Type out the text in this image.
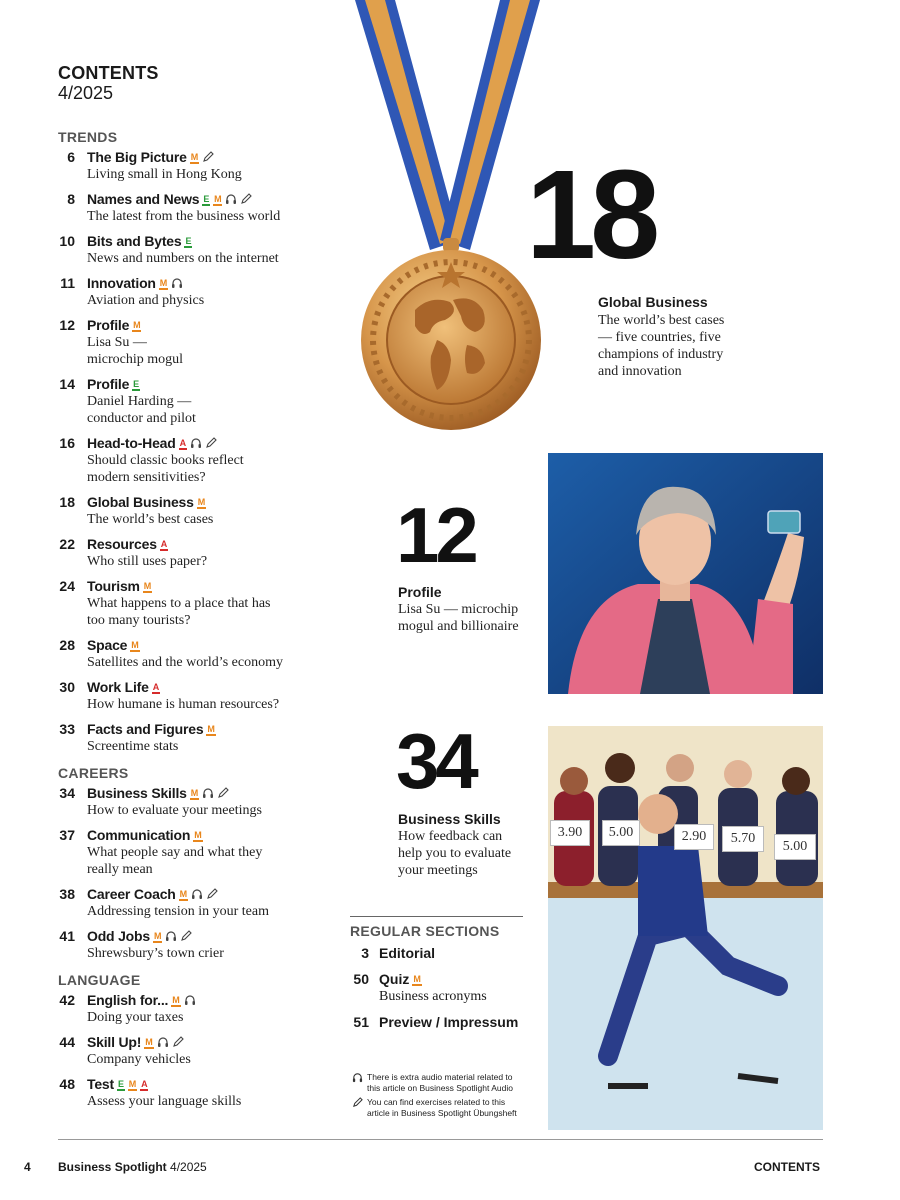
CONTENTS
4/2025
TRENDS
6 The Big Picture M
Living small in Hong Kong
8 Names and News E M
The latest from the business world
10 Bits and Bytes E
News and numbers on the internet
11 Innovation M
Aviation and physics
12 Profile M
Lisa Su —
microchip mogul
14 Profile E
Daniel Harding —
conductor and pilot
16 Head-to-Head A
Should classic books reflect
modern sensitivities?
18 Global Business M
The world’s best cases
22 Resources A
Who still uses paper?
24 Tourism M
What happens to a place that has
too many tourists?
28 Space M
Satellites and the world’s economy
30 Work Life A
How humane is human resources?
33 Facts and Figures M
Screentime stats
CAREERS
34 Business Skills M
How to evaluate your meetings
37 Communication M
What people say and what they
really mean
38 Career Coach M
Addressing tension in your team
41 Odd Jobs M
Shrewsbury’s town crier
LANGUAGE
42 English for... M
Doing your taxes
44 Skill Up! M
Company vehicles
48 Test E M A
Assess your language skills
18
Global Business
The world’s best cases
— five countries, five
champions of industry
and innovation
12
Profile
Lisa Su — microchip
mogul and billionaire
34
Business Skills
How feedback can
help you to evaluate
your meetings
3.90	5.00	2.90	5.70
5.00
REGULAR SECTIONS
3 Editorial
50 Quiz M
Business acronyms
51 Preview / Impressum
There is extra audio material related to
this article on Business Spotlight Audio
You can find exercises related to this
article in Business Spotlight Übungsheft
4 Business Spotlight 4/2025	CONTENTS
